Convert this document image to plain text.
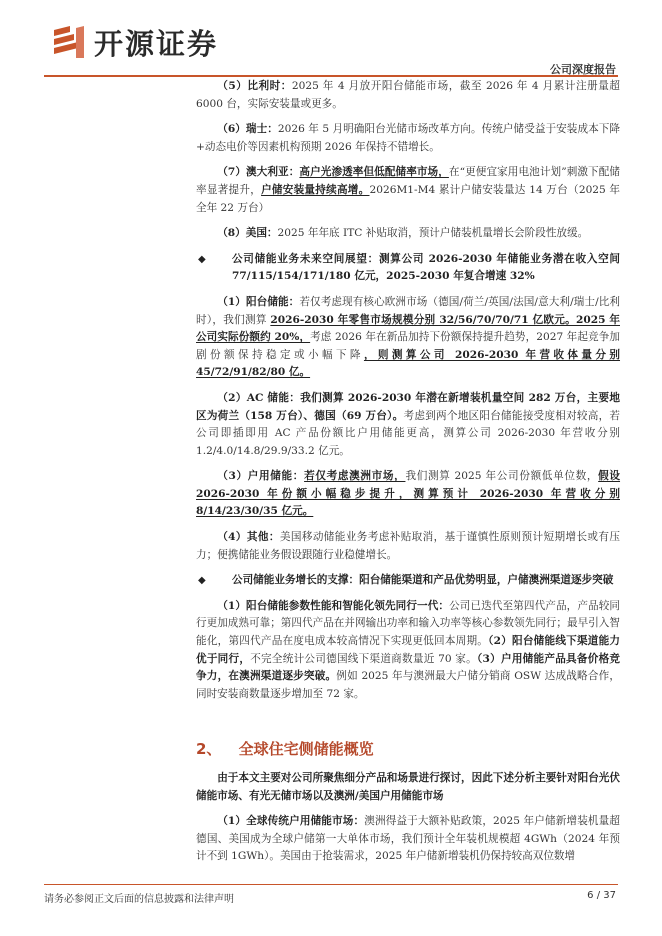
开源证券
公司深度报告

（5）比利时：2025 年 4 月放开阳台储能市场，截至 2026 年 4 月累计注册量超 6000 台，实际安装量或更多。

（6）瑞士：2026 年 5 月明确阳台光储市场改革方向。传统户储受益于安装成本下降+动态电价等因素机构预期 2026 年保持不错增长。

（7）澳大利亚：高户光渗透率但低配储率市场，在“更便宜家用电池计划”刺激下配储率显著提升，户储安装量持续高增。2026M1-M4 累计户储安装量达 14 万台（2025 年全年 22 万台）

（8）美国：2025 年年底 ITC 补贴取消，预计户储装机量增长会阶段性放缓。

◆ 公司储能业务未来空间展望：测算公司 2026-2030 年储能业务潜在收入空间 77/115/154/171/180 亿元，2025-2030 年复合增速 32%

（1）阳台储能：若仅考虑现有核心欧洲市场（德国/荷兰/英国/法国/意大利/瑞士/比利时），我们测算 2026-2030 年零售市场规模分别 32/56/70/70/71 亿欧元。2025 年公司实际份额约 20%，考虑 2026 年在新品加持下份额保持提升趋势，2027 年起竞争加剧份额保持稳定或小幅下降，则测算公司 2026-2030 年营收体量分别 45/72/91/82/80 亿。

（2）AC 储能：我们测算 2026-2030 年潜在新增装机量空间 282 万台，主要地区为荷兰（158 万台）、德国（69 万台）。考虑到两个地区阳台储能接受度相对较高，若公司即插即用 AC 产品份额比户用储能更高，测算公司 2026-2030 年营收分别 1.2/4.0/14.8/29.9/33.2 亿元。

（3）户用储能：若仅考虑澳洲市场，我们测算 2025 年公司份额低单位数，假设 2026-2030 年份额小幅稳步提升，测算预计 2026-2030 年营收分别 8/14/23/30/35 亿元。

（4）其他：美国移动储能业务考虑补贴取消，基于谨慎性原则预计短期增长或有压力；便携储能业务假设跟随行业稳健增长。

◆ 公司储能业务增长的支撑：阳台储能渠道和产品优势明显，户储澳洲渠道逐步突破

（1）阳台储能参数性能和智能化领先同行一代：公司已迭代至第四代产品，产品较同行更加成熟可靠；第四代产品在并网输出功率和输入功率等核心参数领先同行；最早引入智能化，第四代产品在度电成本较高情况下实现更低回本周期。（2）阳台储能线下渠道能力优于同行，不完全统计公司德国线下渠道商数量近 70 家。（3）户用储能产品具备价格竞争力，在澳洲渠道逐步突破。例如 2025 年与澳洲最大户储分销商 OSW 达成战略合作，同时安装商数量逐步增加至 72 家。

2、 全球住宅侧储能概览

由于本文主要对公司所聚焦细分产品和场景进行探讨，因此下述分析主要针对阳台光伏储能市场、有光无储市场以及澳洲/美国户用储能市场

（1）全球传统户用储能市场：澳洲得益于大额补贴政策，2025 年户储新增装机量超德国、美国成为全球户储第一大单体市场，我们预计全年装机规模超 4GWh（2024 年预计不到 1GWh）。美国由于抢装需求，2025 年户储新增装机仍保持较高双位数增

请务必参阅正文后面的信息披露和法律声明	6 / 37
